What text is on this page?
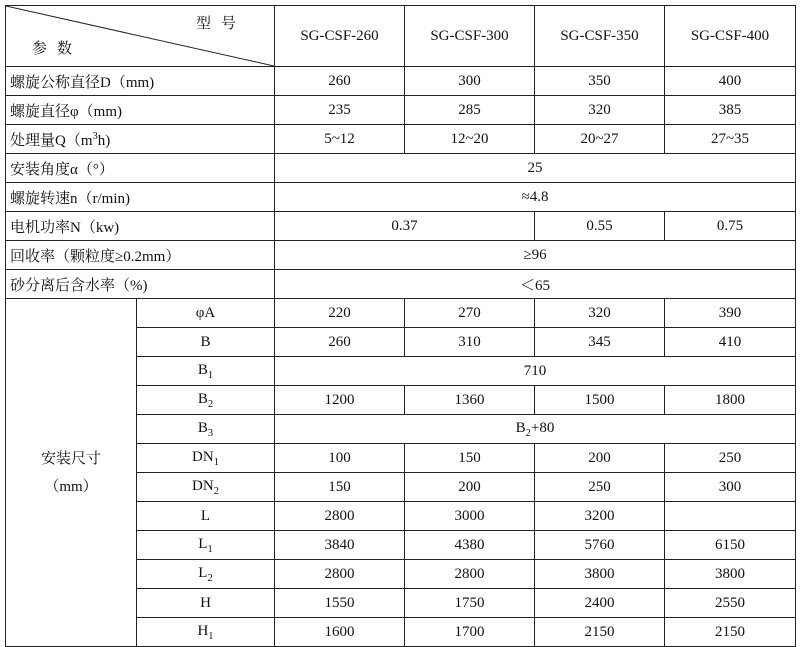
型号
参数		SG-CSF-260	SG-CSF-300	SG-CSF-350	SG-CSF-400
螺旋公称直径D（mm)		260	300	350	400
螺旋直径φ（mm)		235	285	320	385
处理量$Q(m^3h)$		5~12	12~20	20~27	27~35
安装角度α（°）		25			
螺旋转速n（r/min)		≈4.8			
电机功率N（kw)		0.37		0.55	0.75
回收率（颗粒度≥0.2mm）		≥96			
砂分离后含水率（%)		＜65			

安装尺寸
（mm）	φA	220	270	320	390
	B	260	310	345	410
	$B_1$	710			
	$B_2$	1200	1360	1500	1800
	$B_3$	$B_2+80$			
	$DN_1$	100	150	200	250
	$DN_2$	150	200	250	300
	L	2800	3000	3200	
	$L_1$	3840	4380	5760	6150
	$L_2$	2800	2800	3800	3800
	H	1550	1750	2400	2550
	$H_1$	1600	1700	2150	2150
